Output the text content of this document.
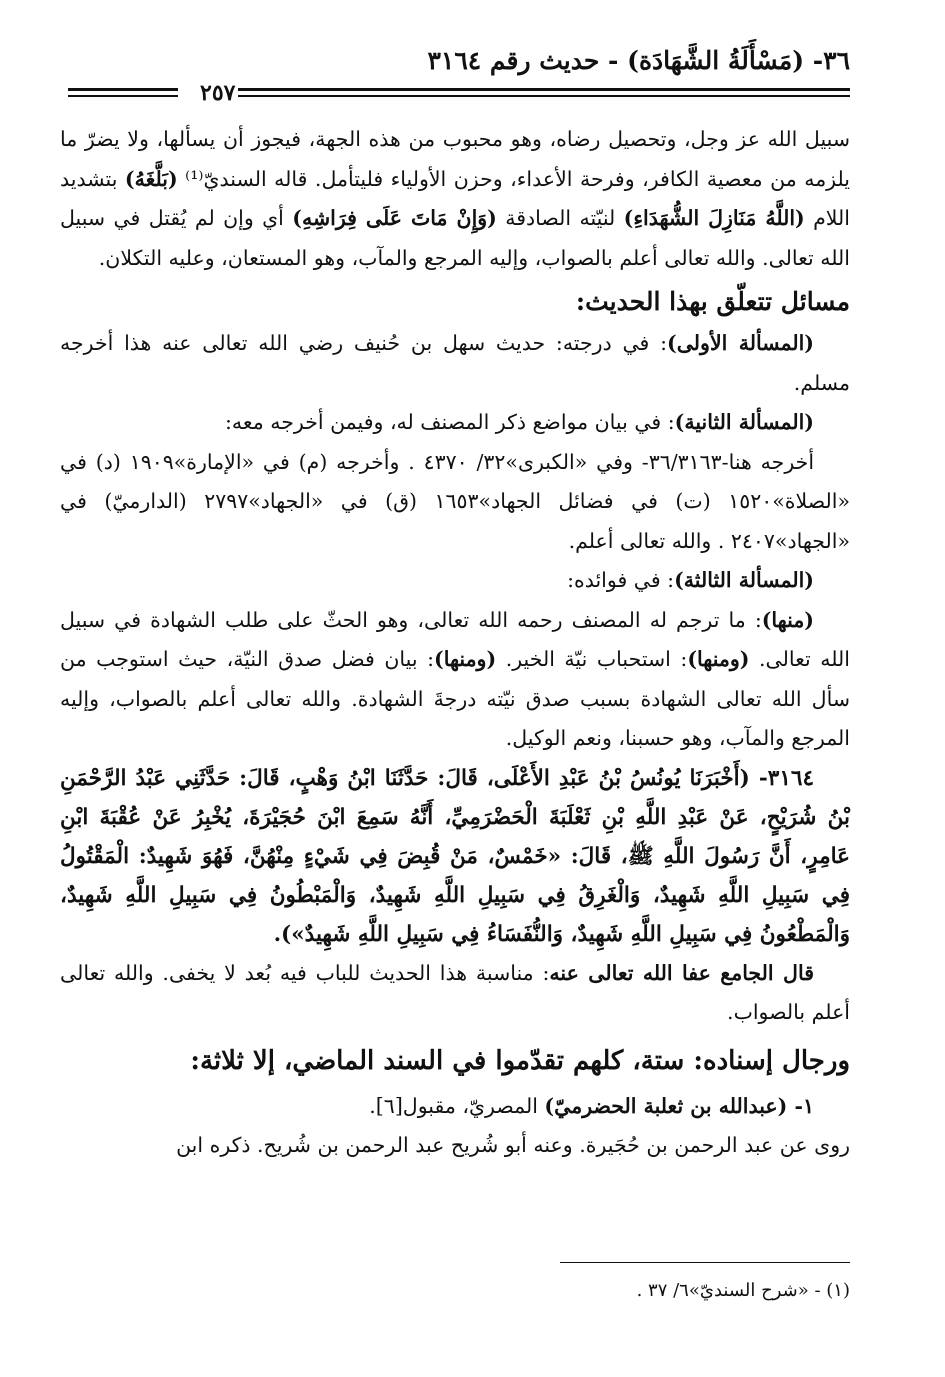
٣٦- (مَسْأَلَةُ الشَّهَادَة) - حديث رقم ٣١٦٤
٢٥٧

سبيل الله عز وجل، وتحصيل رضاه، وهو محبوب من هذه الجهة، فيجوز أن يسألها، ولا يضرّ ما يلزمه من معصية الكافر، وفرحة الأعداء، وحزن الأولياء فليتأمل. قاله السنديّ⁽¹⁾ (بَلَّغَهُ) بتشديد اللام (اللَّهُ مَنَازِلَ الشُّهَدَاءِ) لنيّته الصادقة (وَإِنْ مَاتَ عَلَى فِرَاشِهِ) أي وإن لم يُقتل في سبيل الله تعالى. والله تعالى أعلم بالصواب، وإليه المرجع والمآب، وهو المستعان، وعليه التكلان.

مسائل تتعلّق بهذا الحديث:

(المسألة الأولى): في درجته: حديث سهل بن حُنيف رضي الله تعالى عنه هذا أخرجه مسلم.

(المسألة الثانية): في بيان مواضع ذكر المصنف له، وفيمن أخرجه معه:

أخرجه هنا-٣٦/٣١٦٣- وفي «الكبرى»٣٢/ ٤٣٧٠ . وأخرجه (م) في «الإمارة»١٩٠٩ (د) في «الصلاة»١٥٢٠ (ت) في فضائل الجهاد»١٦٥٣ (ق) في «الجهاد»٢٧٩٧ (الدارميّ) في «الجهاد»٢٤٠٧ . والله تعالى أعلم.

(المسألة الثالثة): في فوائده:

(منها): ما ترجم له المصنف رحمه الله تعالى، وهو الحثّ على طلب الشهادة في سبيل الله تعالى. (ومنها): استحباب نيّة الخير. (ومنها): بيان فضل صدق النيّة، حيث استوجب من سأل الله تعالى الشهادة بسبب صدق نيّته درجةَ الشهادة. والله تعالى أعلم بالصواب، وإليه المرجع والمآب، وهو حسبنا، ونعم الوكيل.

٣١٦٤- (أَخْبَرَنَا يُونُسُ بْنُ عَبْدِ الأَعْلَى، قَالَ: حَدَّثَنَا ابْنُ وَهْبٍ، قَالَ: حَدَّثَنِي عَبْدُ الرَّحْمَنِ بْنُ شُرَيْحٍ، عَنْ عَبْدِ اللَّهِ بْنِ ثَعْلَبَةَ الْحَضْرَمِيِّ، أَنَّهُ سَمِعَ ابْنَ حُجَيْرَةَ، يُخْبِرُ عَنْ عُقْبَةَ ابْنِ عَامِرٍ، أَنَّ رَسُولَ اللَّهِ ﷺ، قَالَ: «خَمْسٌ، مَنْ قُبِضَ فِي شَيْءٍ مِنْهُنَّ، فَهُوَ شَهِيدٌ: الْمَقْتُولُ فِي سَبِيلِ اللَّهِ شَهِيدٌ، وَالْغَرِقُ فِي سَبِيلِ اللَّهِ شَهِيدٌ، وَالْمَبْطُونُ فِي سَبِيلِ اللَّهِ شَهِيدٌ، وَالْمَطْعُونُ فِي سَبِيلِ اللَّهِ شَهِيدٌ، وَالنُّفَسَاءُ فِي سَبِيلِ اللَّهِ شَهِيدٌ»).

قال الجامع عفا الله تعالى عنه: مناسبة هذا الحديث للباب فيه بُعد لا يخفى. والله تعالى أعلم بالصواب.

ورجال إسناده: ستة، كلهم تقدّموا في السند الماضي، إلا ثلاثة:

١- (عبدالله بن ثعلبة الحضرميّ) المصريّ، مقبول[٦].

روى عن عبد الرحمن بن حُجَيرة. وعنه أبو شُريح عبد الرحمن بن شُريح. ذكره ابن

(١) - «شرح السنديّ»٦/ ٣٧ .
